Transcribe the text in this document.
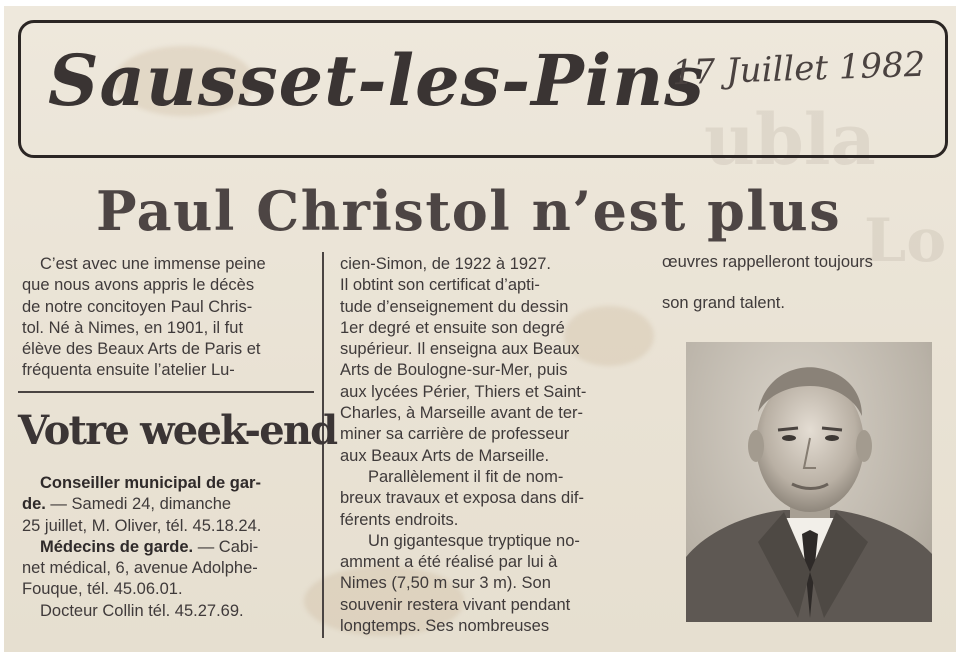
ubla
Lo
Sausset-les-Pins
17 Juillet 1982
Paul Christol n’est plus

C’est avec une immense peine

que nous avons appris le décès

de notre concitoyen Paul Chris-

tol. Né à Nimes, en 1901, il fut

élève des Beaux Arts de Paris et

fréquenta ensuite l’atelier Lu-

Votre week-end

Conseiller municipal de gar-

de. — Samedi 24, dimanche

25 juillet, M. Oliver, tél. 45.18.24.

Médecins de garde. — Cabi-

net médical, 6, avenue Adolphe-

Fouque, tél. 45.06.01.

Docteur Collin tél. 45.27.69.

cien-Simon, de 1922 à 1927.

Il obtint son certificat d’apti-

tude d’enseignement du dessin

1er degré et ensuite son degré

supérieur. Il enseigna aux Beaux

Arts de Boulogne-sur-Mer, puis

aux lycées Périer, Thiers et Saint-

Charles, à Marseille avant de ter-

miner sa carrière de professeur

aux Beaux Arts de Marseille.

Parallèlement il fit de nom-

breux travaux et exposa dans dif-

férents endroits.

Un gigantesque tryptique no-

amment a été réalisé par lui à

Nimes (7,50 m sur 3 m). Son

souvenir restera vivant pendant

longtemps. Ses nombreuses

œuvres rappelleront toujours

son grand talent.
